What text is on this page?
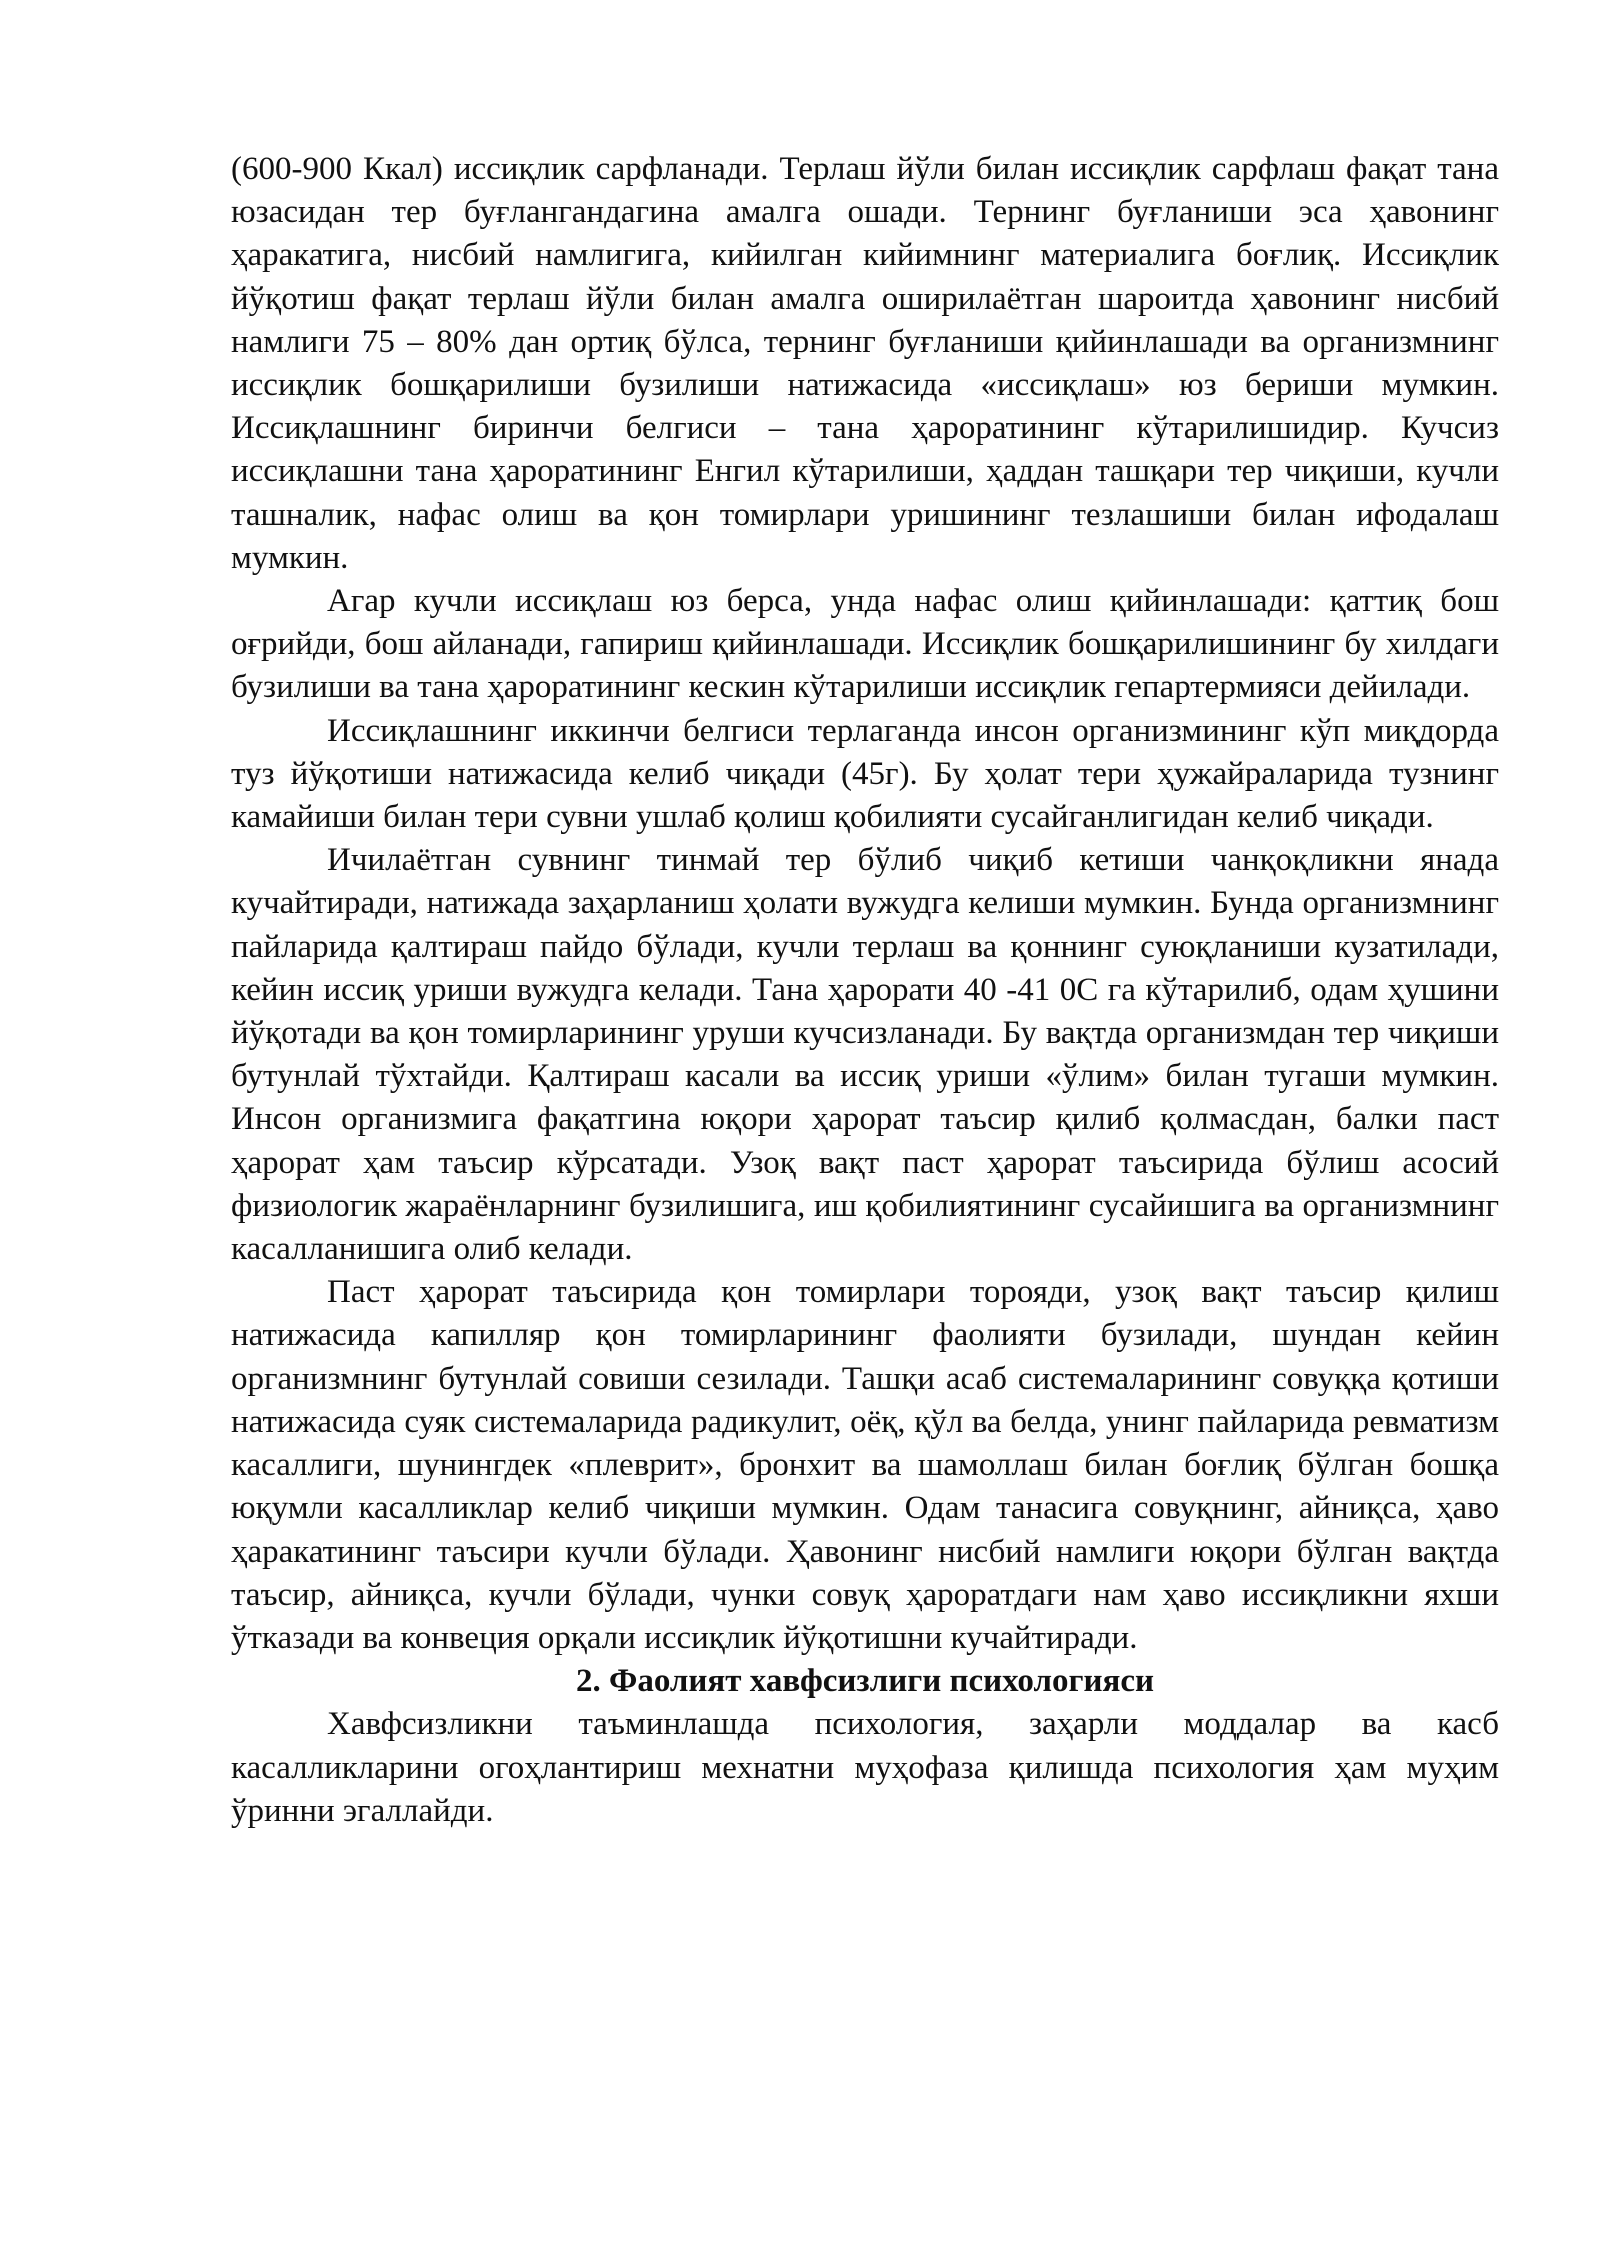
(600-900 Ккал) иссиқлик сарфланади. Терлаш йўли билан иссиқлик сарфлаш фақат тана юзасидан тер буғлангандагина амалга ошади. Тернинг буғланиши эса ҳавонинг ҳаракатига, нисбий намлигига, кийилган кийимнинг материалига боғлиқ. Иссиқлик йўқотиш фақат терлаш йўли билан амалга оширилаётган шароитда ҳавонинг нисбий намлиги 75 – 80% дан ортиқ бўлса, тернинг буғланиши қийинлашади ва организмнинг иссиқлик бошқарилиши бузилиши натижасида «иссиқлаш» юз бериши мумкин. Иссиқлашнинг биринчи белгиси – тана ҳароратининг кўтарилишидир. Кучсиз иссиқлашни тана ҳароратининг Енгил кўтарилиши, ҳаддан ташқари тер чиқиши, кучли ташналик, нафас олиш ва қон томирлари уришининг тезлашиши билан ифодалаш мумкин.

Агар кучли иссиқлаш юз берса, унда нафас олиш қийинлашади: қаттиқ бош оғрийди, бош айланади, гапириш қийинлашади. Иссиқлик бошқарилишининг бу хилдаги бузилиши ва тана ҳароратининг кескин кўтарилиши иссиқлик гепартермияси дейилади.

Иссиқлашнинг иккинчи белгиси терлаганда инсон организмининг кўп миқдорда туз йўқотиши натижасида келиб чиқади (45г). Бу ҳолат тери ҳужайраларида тузнинг камайиши билан тери сувни ушлаб қолиш қобилияти сусайганлигидан келиб чиқади.

Ичилаётган сувнинг тинмай тер бўлиб чиқиб кетиши чанқоқликни янада кучайтиради, натижада заҳарланиш ҳолати вужудга келиши мумкин. Бунда организмнинг пайларида қалтираш пайдо бўлади, кучли терлаш ва қоннинг суюқланиши кузатилади, кейин иссиқ уриши вужудга келади. Тана ҳарорати 40 -41 0С га кўтарилиб, одам ҳушини йўқотади ва қон томирларининг уруши кучсизланади. Бу вақтда организмдан тер чиқиши бутунлай тўхтайди. Қалтираш касали ва иссиқ уриши «ўлим» билан тугаши мумкин. Инсон организмига фақатгина юқори ҳарорат таъсир қилиб қолмасдан, балки паст ҳарорат ҳам таъсир кўрсатади. Узоқ вақт паст ҳарорат таъсирида бўлиш асосий физиологик жараёнларнинг бузилишига, иш қобилиятининг сусайишига ва организмнинг касалланишига олиб келади.

Паст ҳарорат таъсирида қон томирлари торояди, узоқ вақт таъсир қилиш натижасида капилляр қон томирларининг фаолияти бузилади, шундан кейин организмнинг бутунлай совиши сезилади. Ташқи асаб системаларининг совуққа қотиши натижасида суяк системаларида радикулит, оёқ, қўл ва белда, унинг пайларида ревматизм касаллиги, шунингдек «плеврит», бронхит ва шамоллаш билан боғлиқ бўлган бошқа юқумли касалликлар келиб чиқиши мумкин. Одам танасига совуқнинг, айниқса, ҳаво ҳаракатининг таъсири кучли бўлади. Ҳавонинг нисбий намлиги юқори бўлган вақтда таъсир, айниқса, кучли бўлади, чунки совуқ ҳароратдаги нам ҳаво иссиқликни яхши ўтказади ва конвеция орқали иссиқлик йўқотишни кучайтиради.

2. Фаолият хавфсизлиги психологияси

Хавфсизликни таъминлашда психология, заҳарли моддалар ва касб касалликларини огоҳлантириш мехнатни муҳофаза қилишда психология ҳам муҳим ўринни эгаллайди.
